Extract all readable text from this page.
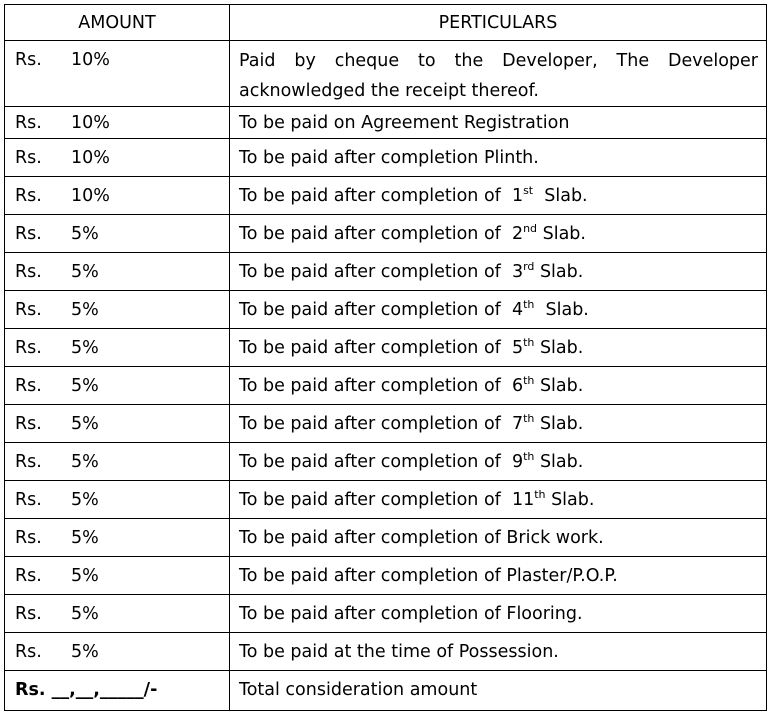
AMOUNT	PERTICULARS

Rs. 10%	Paid by cheque to the Developer, The Developer acknowledged the receipt thereof.

Rs. 10%	To be paid on Agreement Registration

Rs. 10%	To be paid after completion Plinth.

Rs. 10%	To be paid after completion of  1st  Slab.

Rs. 5%	To be paid after completion of  2nd Slab.

Rs. 5%	To be paid after completion of  3rd Slab.

Rs. 5%	To be paid after completion of  4th  Slab.

Rs. 5%	To be paid after completion of  5th Slab.

Rs. 5%	To be paid after completion of  6th Slab.

Rs. 5%	To be paid after completion of  7th Slab.

Rs. 5%	To be paid after completion of  9th Slab.

Rs. 5%	To be paid after completion of  11th Slab.

Rs. 5%	To be paid after completion of Brick work.

Rs. 5%	To be paid after completion of Plaster/P.O.P.

Rs. 5%	To be paid after completion of Flooring.

Rs. 5%	To be paid at the time of Possession.

Rs. __,__,_____/-	Total consideration amount
